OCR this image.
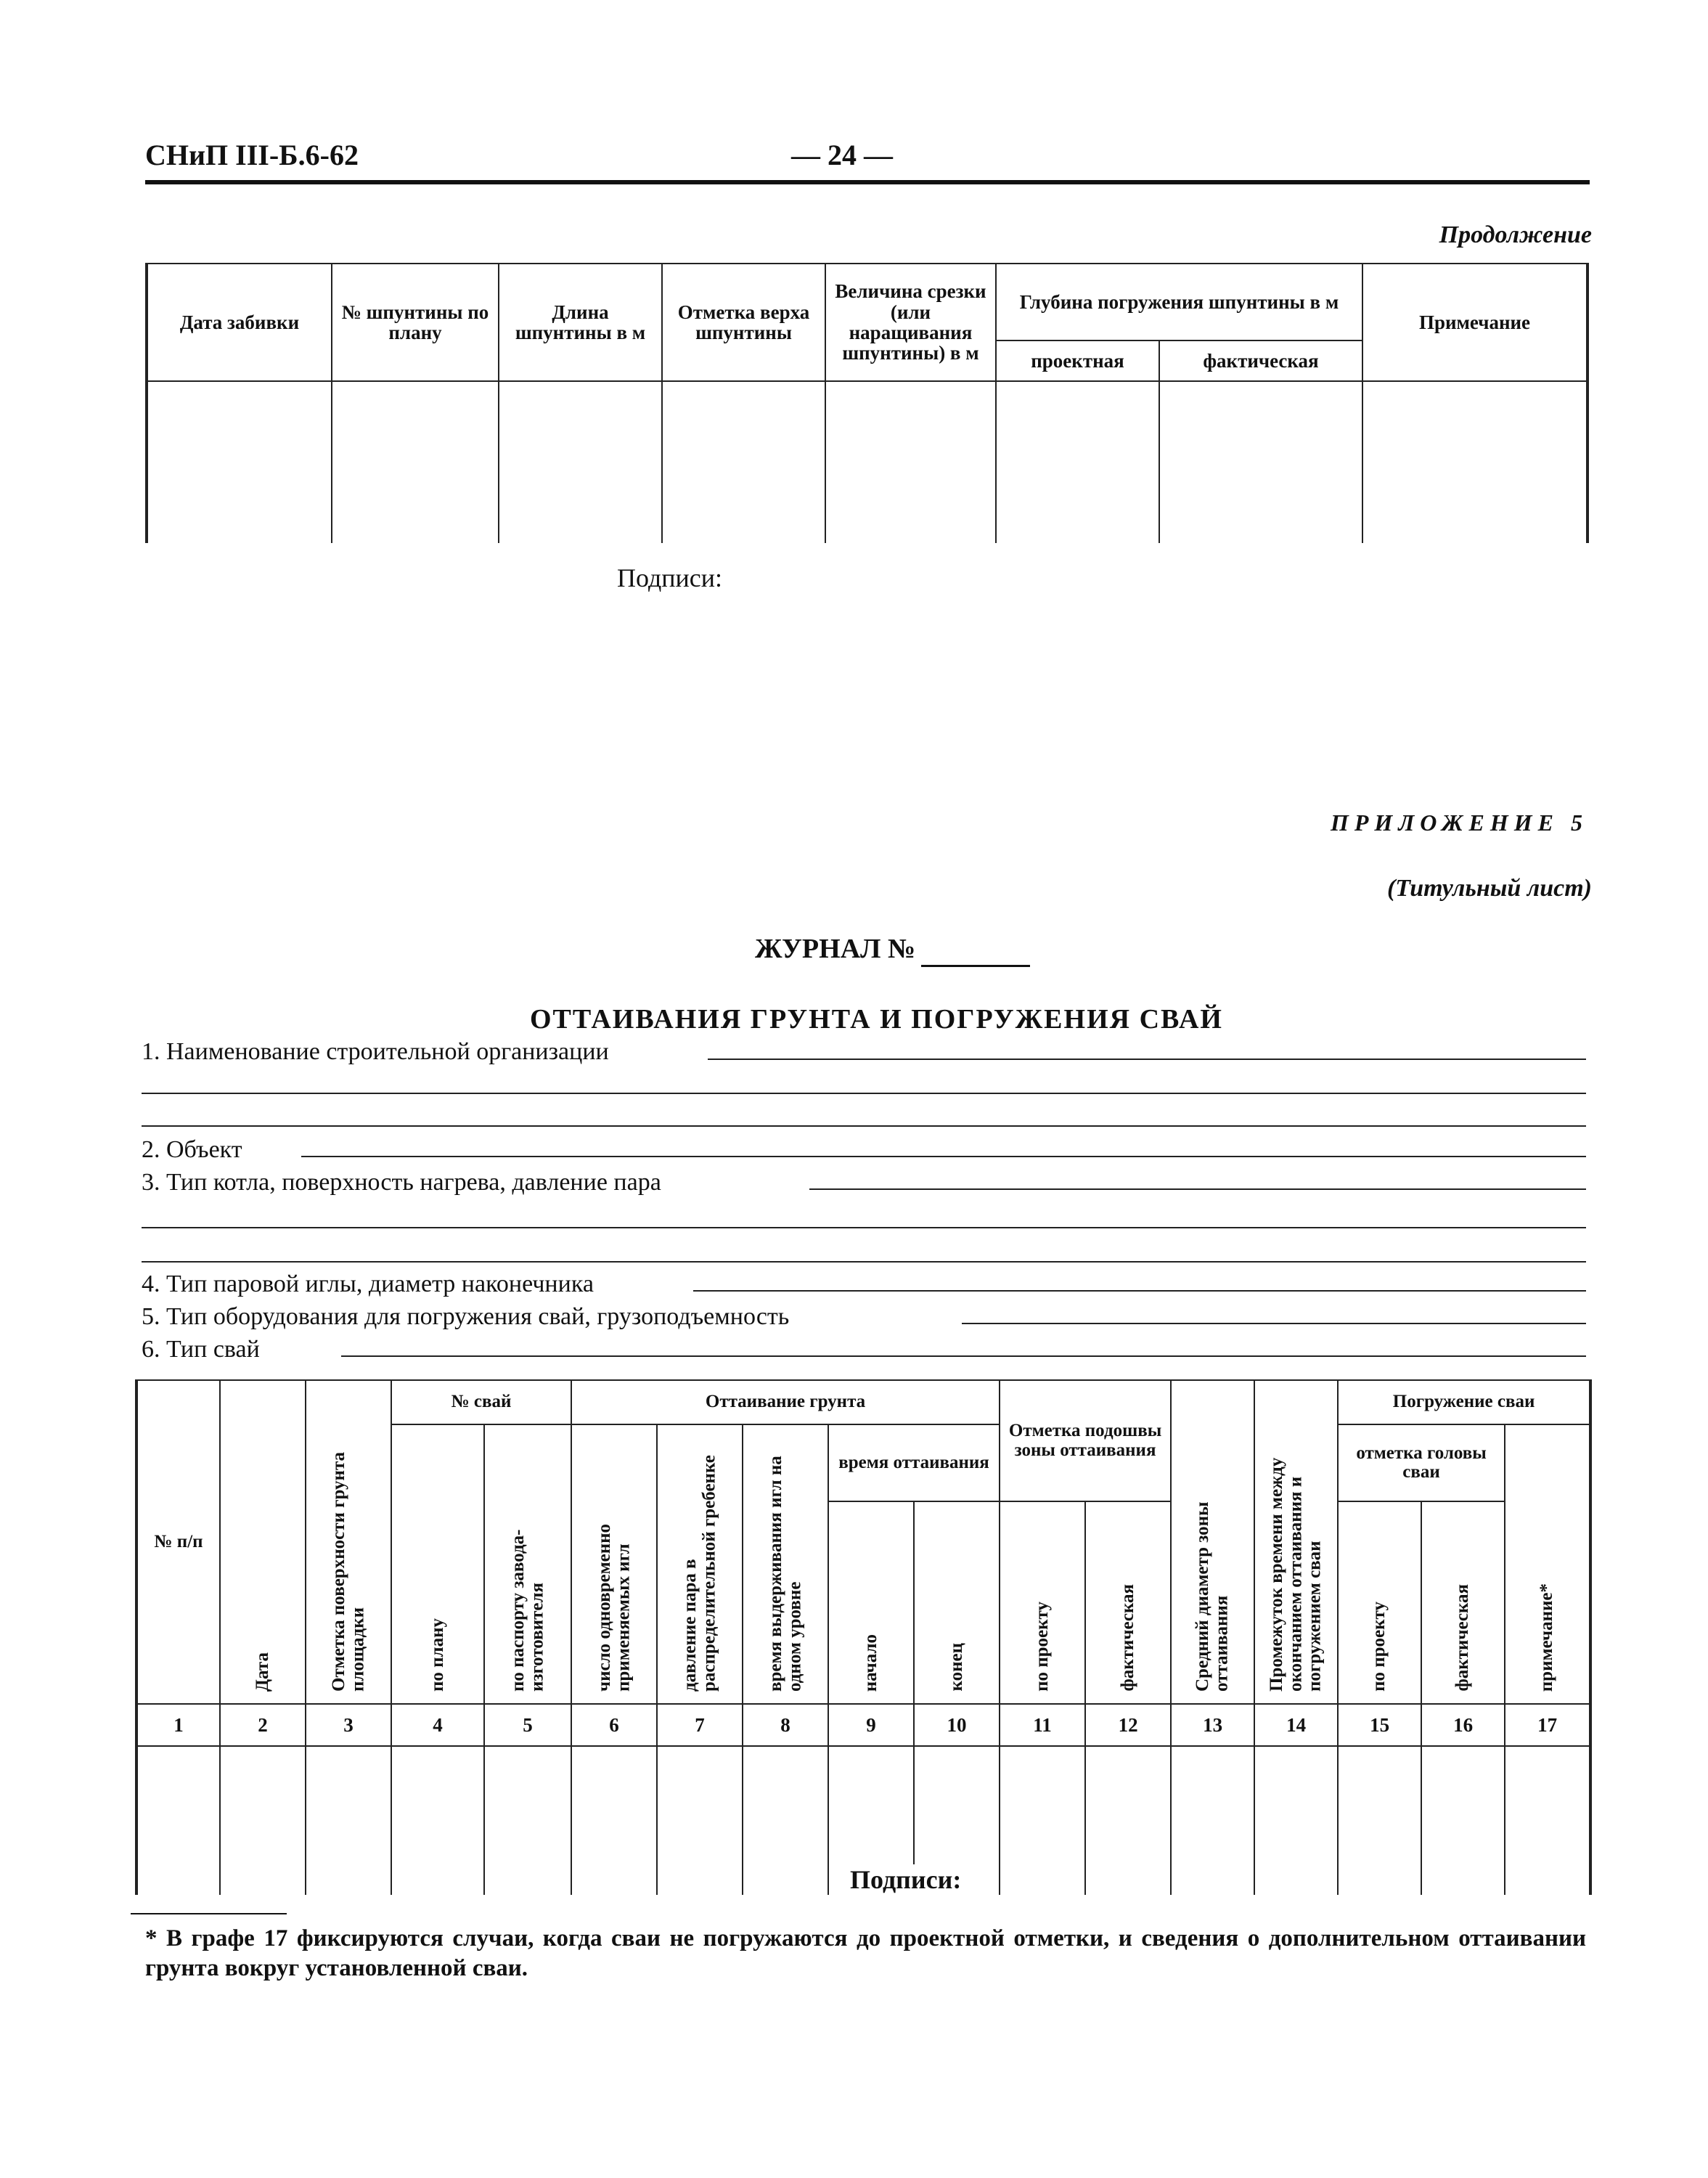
СНиП III-Б.6-62	— 24 —
Продолжение
Дата забивки	№ шпунтины по плану	Длина шпунтины в м	Отметка верха шпунтины	Величина срезки (или наращивания шпунтины) в м	Глубина погружения шпунтины в м		Примечание
					проектная	фактическая	

Подписи:
ПРИЛОЖЕНИЕ 5
(Титульный лист)
ЖУРНАЛ №
ОТТАИВАНИЯ ГРУНТА И ПОГРУЖЕНИЯ СВАЙ
1. Наименование строительной организации
2. Объект
3. Тип котла, поверхность нагрева, давление пара
4. Тип паровой иглы, диаметр наконечника
5. Тип оборудования для погружения свай, грузоподъемность
6. Тип свай
№ п/п	Дата	Отметка поверхности грунта площадки	№ свай		Оттаивание грунта					Отметка подошвы зоны оттаивания		Средний диаметр зоны оттаивания	Промежуток времени между окончанием оттаивания и погружением сваи	Погружение сваи		
			по плану	по паспорту завода-изготовителя	число одновременно применяемых игл	давление пара в распределительной гребенке	время выдерживания игл на одном уровне	время оттаивания						отметка головы сваи		примечание*
								начало	конец	по проекту	фактическая			по проекту	фактическая	
1	2	3	4	5	6	7	8	9	10	11	12	13	14	15	16	17

Подписи:
* В графе 17 фиксируются случаи, когда сваи не погружаются до проектной отметки, и сведения о дополнительном оттаивании грунта вокруг установленной сваи.
